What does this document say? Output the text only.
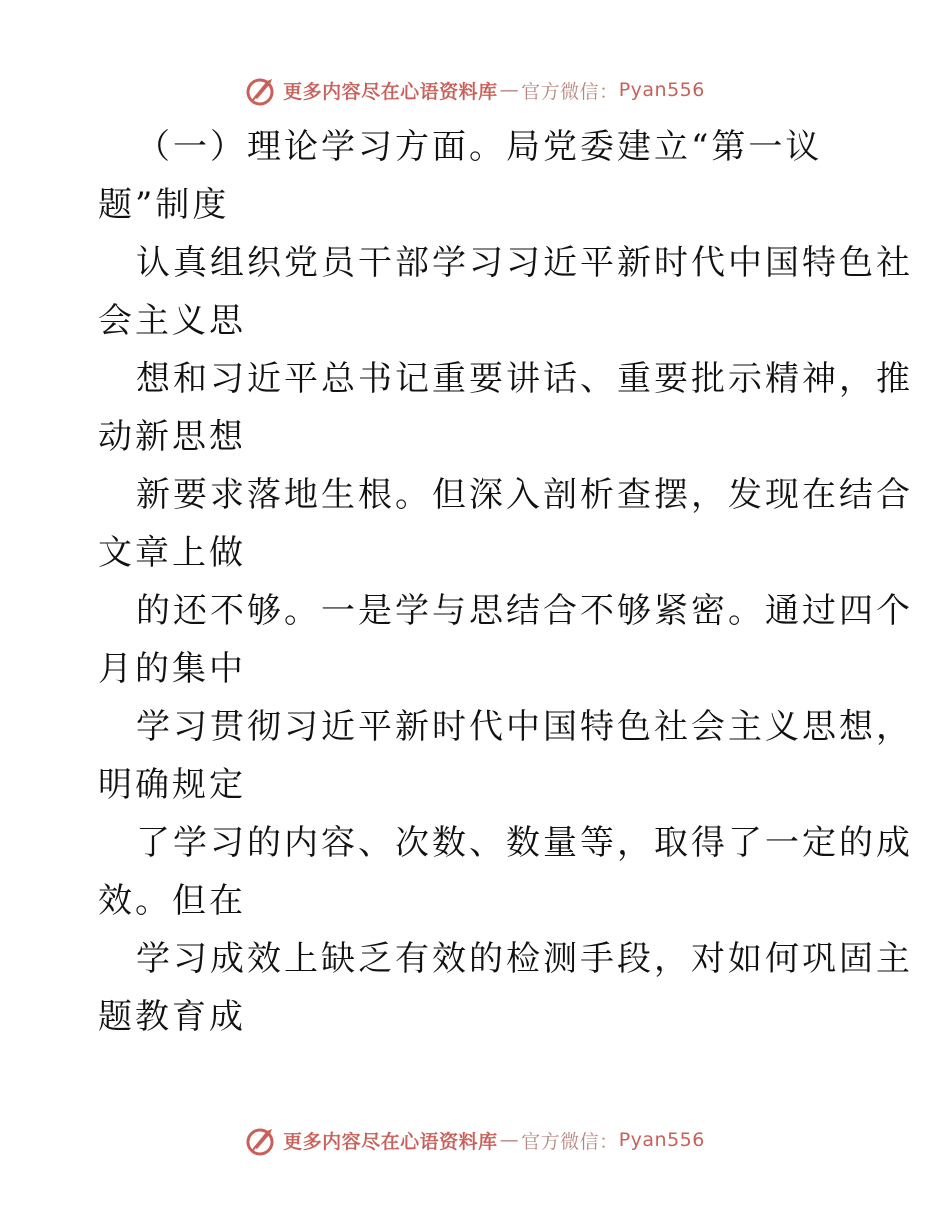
更多内容尽在心语资料库 — 官方微信： Pyan556

（一）理论学习方面。局党委建立“第一议
题”制度

认真组织党员干部学习习近平新时代中国特色社
会主义思

想和习近平总书记重要讲话、重要批示精神，推
动新思想

新要求落地生根。但深入剖析查摆，发现在结合
文章上做

的还不够。一是学与思结合不够紧密。通过四个
月的集中

学习贯彻习近平新时代中国特色社会主义思想，
明确规定

了学习的内容、次数、数量等，取得了一定的成
效。但在

学习成效上缺乏有效的检测手段，对如何巩固主
题教育成

更多内容尽在心语资料库 — 官方微信： Pyan556
